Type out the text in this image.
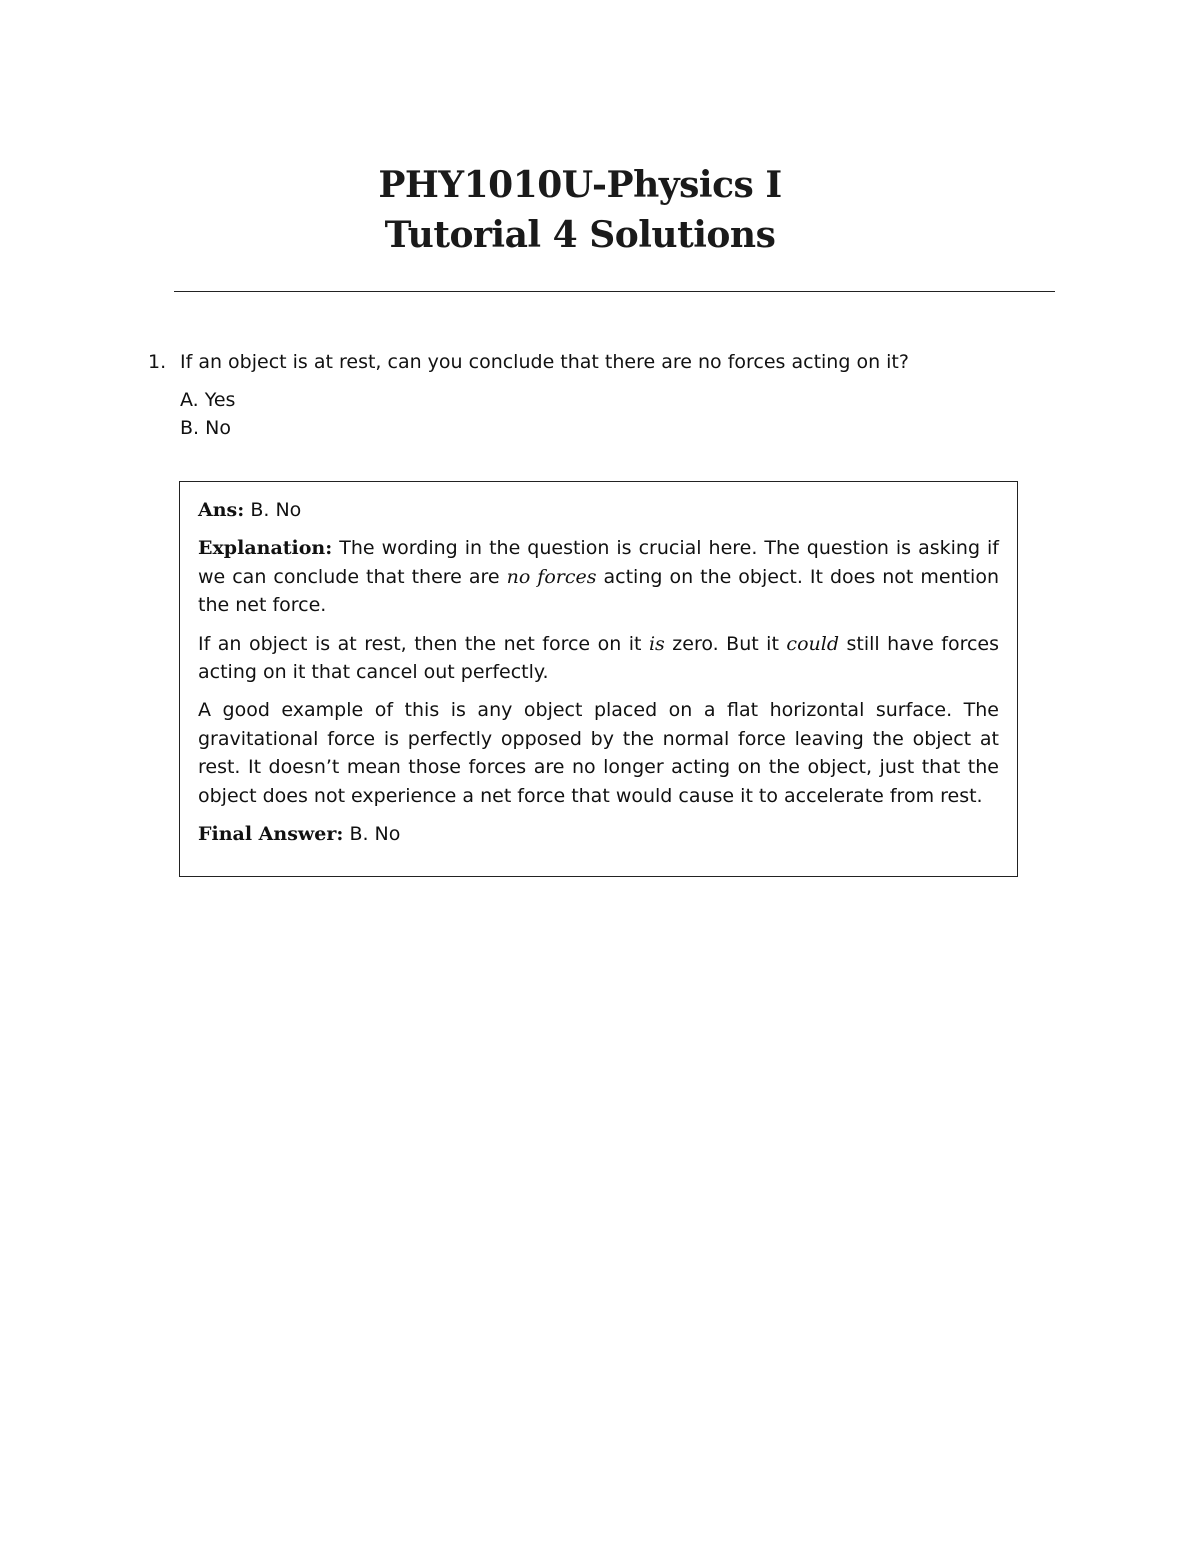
PHY1010U-Physics I
Tutorial 4 Solutions
1. If an object is at rest, can you conclude that there are no forces acting on it?
A. Yes
B. No

Ans: B. No

Explanation: The wording in the question is crucial here. The question is asking if we can conclude that there are no forces acting on the object. It does not mention the net force.

If an object is at rest, then the net force on it is zero. But it could still have forces acting on it that cancel out perfectly.

A good example of this is any object placed on a flat horizontal surface. The gravitational force is perfectly opposed by the normal force leaving the object at rest. It doesn’t mean those forces are no longer acting on the object, just that the object does not experience a net force that would cause it to accelerate from rest.

Final Answer: B. No
